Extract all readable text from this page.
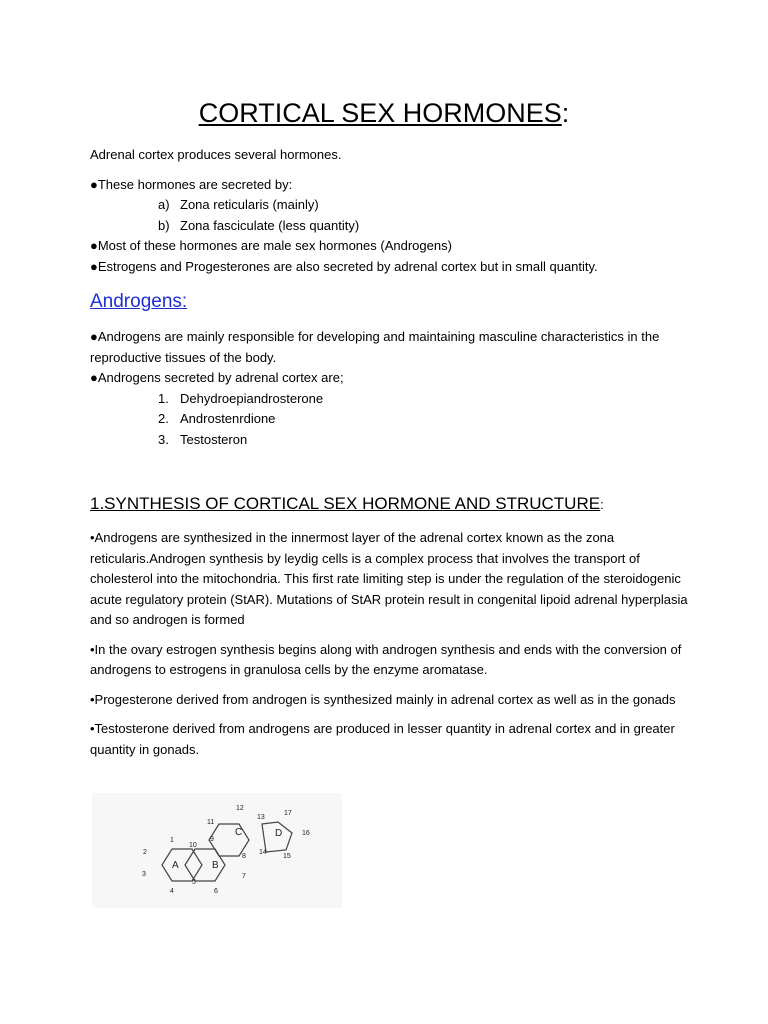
CORTICAL SEX HORMONES:

Adrenal cortex produces several hormones.

●These hormones are secreted by:

a) Zona reticularis (mainly)
b) Zona fasciculate (less quantity)

●Most of these hormones are male sex hormones (Androgens)

●Estrogens and Progesterones are also secreted by adrenal cortex but in small quantity.

Androgens:

●Androgens are mainly responsible for developing and maintaining masculine characteristics in the reproductive tissues of the body.

●Androgens secreted by adrenal cortex are;

1. Dehydroepiandrosterone
2. Androstenrdione
3. Testosteron
1.SYNTHESIS OF CORTICAL SEX HORMONE AND STRUCTURE:

•Androgens are synthesized in the innermost layer of the adrenal cortex known as the zona reticularis.Androgen synthesis by leydig cells is a complex process that involves the transport of cholesterol into the mitochondria. This first rate limiting step is under the regulation of the steroidogenic acute regulatory protein (StAR). Mutations of StAR protein result in congenital lipoid adrenal hyperplasia and so androgen is formed

•In the ovary estrogen synthesis begins along with androgen synthesis and ends with the conversion of androgens to estrogens in granulosa cells by the enzyme aromatase.

•Progesterone derived from androgen is synthesized mainly in adrenal cortex as well as in the gonads

•Testosterone derived from androgens are produced in lesser quantity in adrenal cortex and in greater quantity in gonads.

A	B
C	D
1
2
3
4
5
6
7
8
9
10
11
12
13
14
15
16
17
